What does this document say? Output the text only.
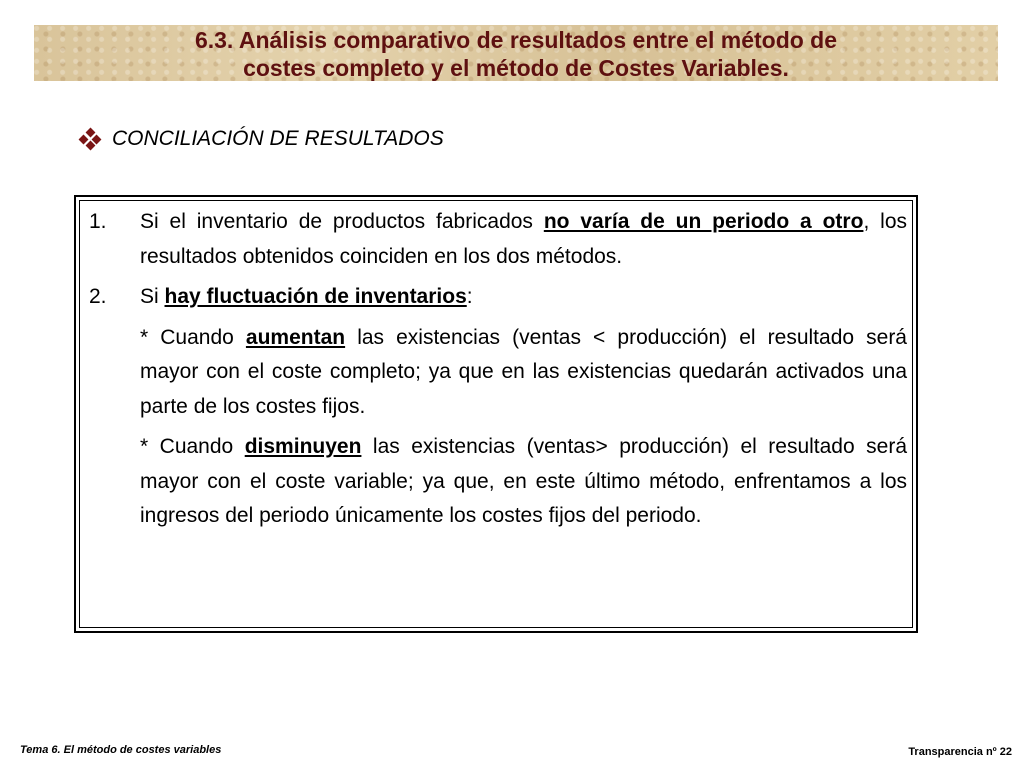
6.3. Análisis comparativo de resultados entre el método de
costes completo y el método de Costes Variables.
CONCILIACIÓN DE RESULTADOS
1.	Si el inventario de productos fabricados no varía de un periodo a otro, los resultados obtenidos coinciden en los dos métodos.
2.	Si hay fluctuación de inventarios:
* Cuando aumentan las existencias (ventas < producción) el resultado será mayor con el coste completo; ya que en las existencias quedarán activados una parte de los costes fijos.
* Cuando disminuyen las existencias (ventas> producción) el resultado será mayor con el coste variable; ya que, en este último método, enfrentamos a los ingresos del periodo únicamente los costes fijos del periodo.
Tema 6. El método de costes variables	Transparencia nº 22
